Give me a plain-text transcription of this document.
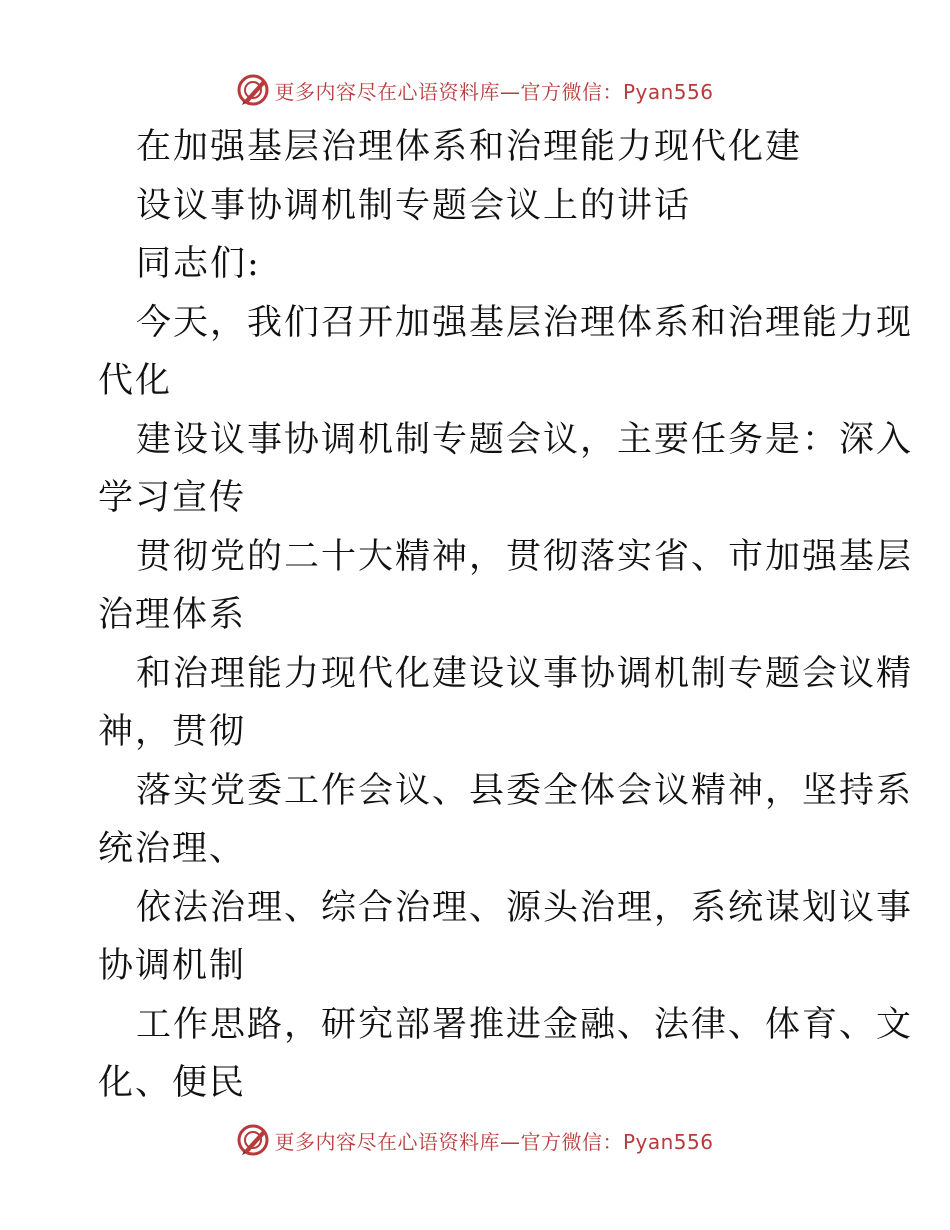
更多内容尽在心语资料库—官方微信：Pyan556
在加强基层治理体系和治理能力现代化建
设议事协调机制专题会议上的讲话
同志们:
今天，我们召开加强基层治理体系和治理能力现
代化
建设议事协调机制专题会议，主要任务是：深入
学习宣传
贯彻党的二十大精神，贯彻落实省、市加强基层
治理体系
和治理能力现代化建设议事协调机制专题会议精
神，贯彻
落实党委工作会议、县委全体会议精神，坚持系
统治理、
依法治理、综合治理、源头治理，系统谋划议事
协调机制
工作思路，研究部署推进金融、法律、体育、文
化、便民
更多内容尽在心语资料库—官方微信：Pyan556
